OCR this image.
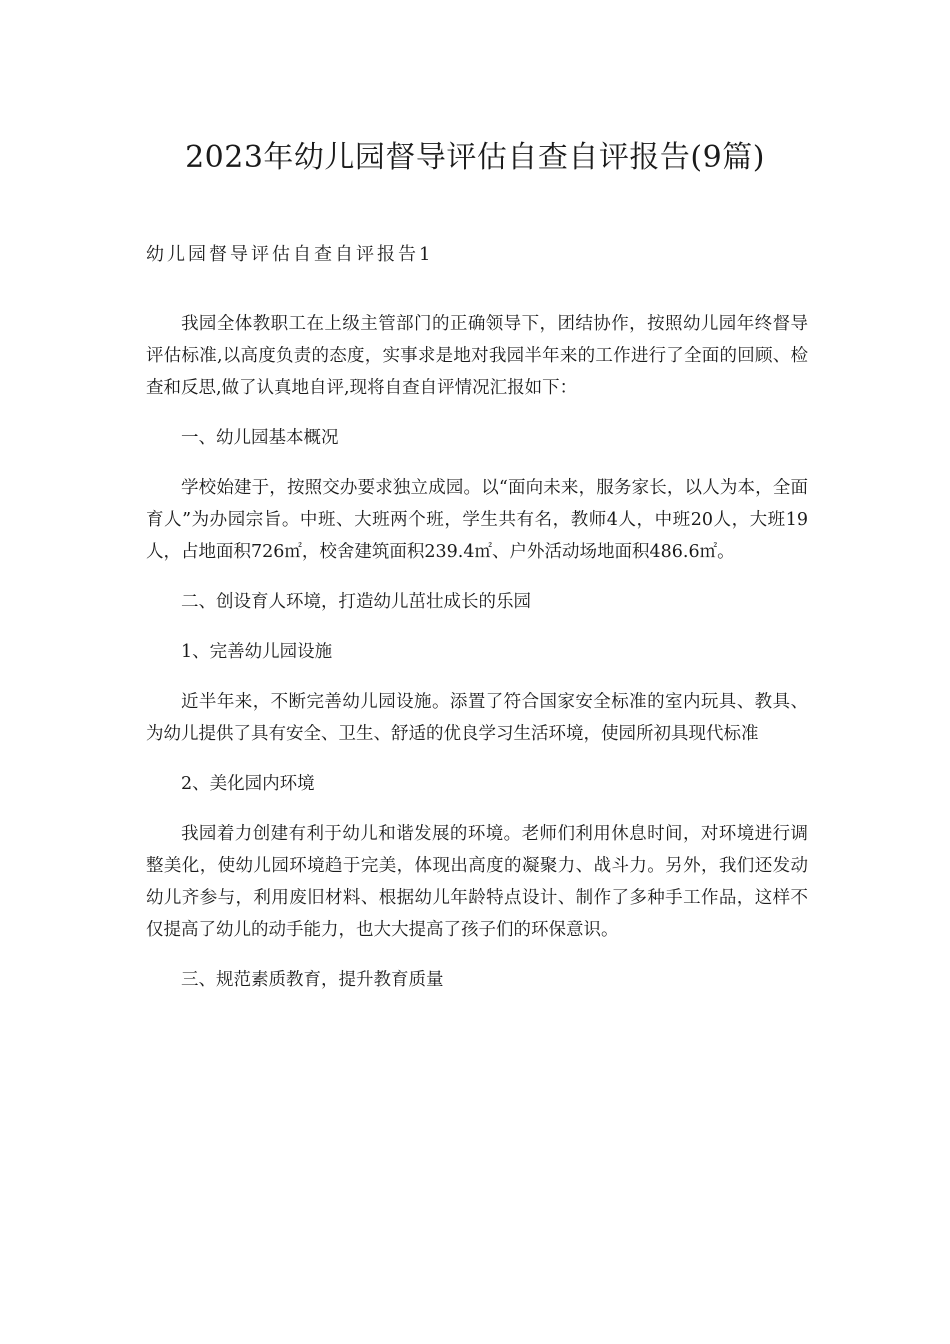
2023年幼儿园督导评估自查自评报告(9篇)
幼儿园督导评估自查自评报告1

我园全体教职工在上级主管部门的正确领导下，团结协作，按照幼儿园年终督导评估标准,以高度负责的态度，实事求是地对我园半年来的工作进行了全面的回顾、检查和反思,做了认真地自评,现将自查自评情况汇报如下：

一、幼儿园基本概况

学校始建于，按照交办要求独立成园。以“面向未来，服务家长，以人为本，全面育人”为办园宗旨。中班、大班两个班，学生共有名，教师4人，中班20人，大班19人，占地面积726㎡，校舍建筑面积239.4㎡、户外活动场地面积486.6㎡。

二、创设育人环境，打造幼儿茁壮成长的乐园

1、完善幼儿园设施

近半年来，不断完善幼儿园设施。添置了符合国家安全标准的室内玩具、教具、为幼儿提供了具有安全、卫生、舒适的优良学习生活环境，使园所初具现代标准

2、美化园内环境

我园着力创建有利于幼儿和谐发展的环境。老师们利用休息时间，对环境进行调整美化，使幼儿园环境趋于完美，体现出高度的凝聚力、战斗力。另外，我们还发动幼儿齐参与，利用废旧材料、根据幼儿年龄特点设计、制作了多种手工作品，这样不仅提高了幼儿的动手能力，也大大提高了孩子们的环保意识。

三、规范素质教育，提升教育质量
